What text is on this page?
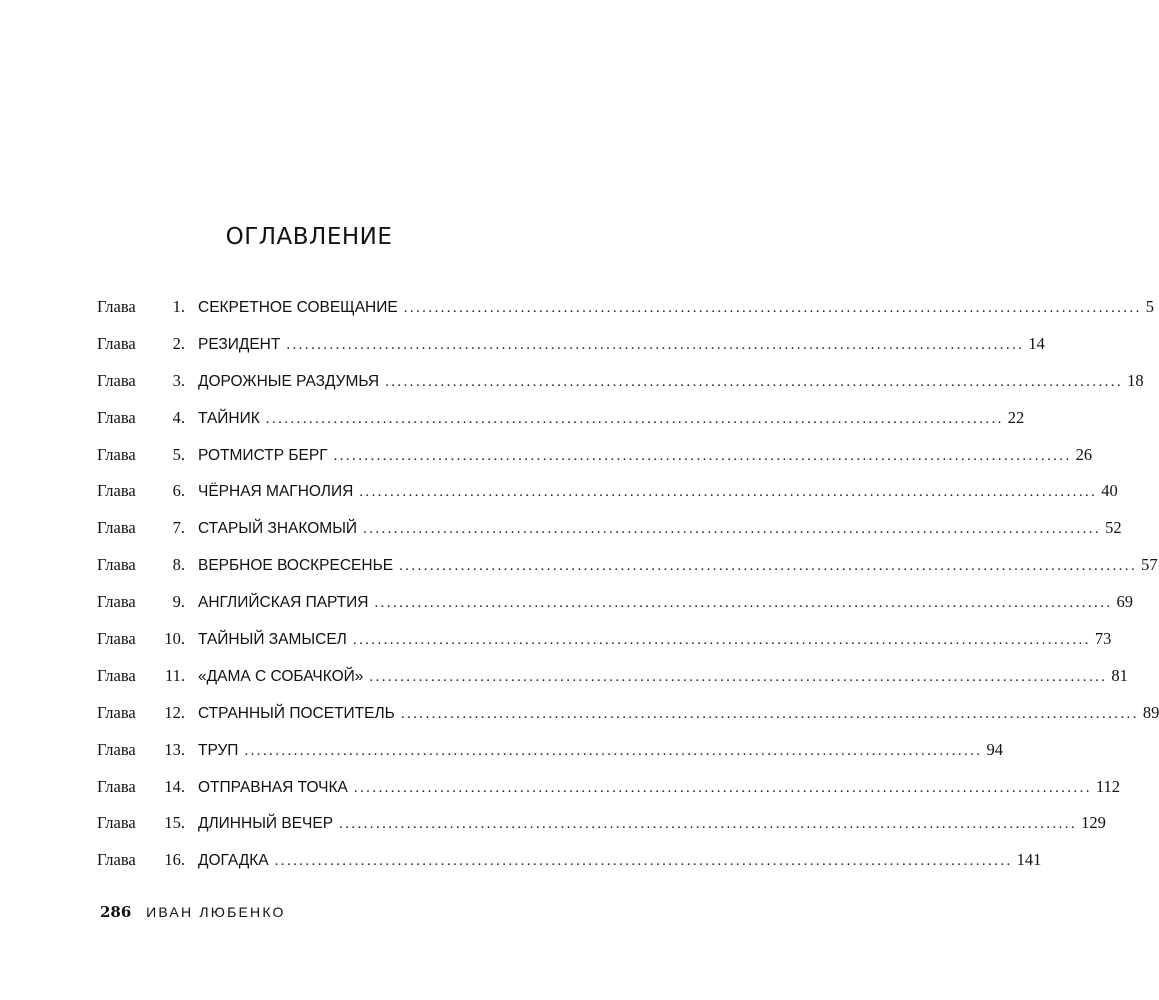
ОГЛАВЛЕНИЕ
Глава	1. СЕКРЕТНОЕ СОВЕЩАНИЕ ........................................................................................................................ 5
Глава	2. РЕЗИДЕНТ ........................................................................................................................ 14
Глава	3. ДОРОЖНЫЕ РАЗДУМЬЯ ........................................................................................................................ 18
Глава	4. ТАЙНИК ........................................................................................................................ 22
Глава	5. РОТМИСТР БЕРГ ........................................................................................................................ 26
Глава	6. ЧЁРНАЯ МАГНОЛИЯ ........................................................................................................................ 40
Глава	7. СТАРЫЙ ЗНАКОМЫЙ ........................................................................................................................ 52
Глава	8. ВЕРБНОЕ ВОСКРЕСЕНЬЕ ........................................................................................................................ 57
Глава	9. АНГЛИЙСКАЯ ПАРТИЯ ........................................................................................................................ 69
Глава	10. ТАЙНЫЙ ЗАМЫСЕЛ ........................................................................................................................ 73
Глава	11. «ДАМА С СОБАЧКОЙ» ........................................................................................................................ 81
Глава	12. СТРАННЫЙ ПОСЕТИТЕЛЬ ........................................................................................................................ 89
Глава	13. ТРУП ........................................................................................................................ 94
Глава	14. ОТПРАВНАЯ ТОЧКА ........................................................................................................................ 112
Глава	15. ДЛИННЫЙ ВЕЧЕР ........................................................................................................................ 129
Глава	16. ДОГАДКА ........................................................................................................................ 141
286 ИВАН ЛЮБЕНКО
